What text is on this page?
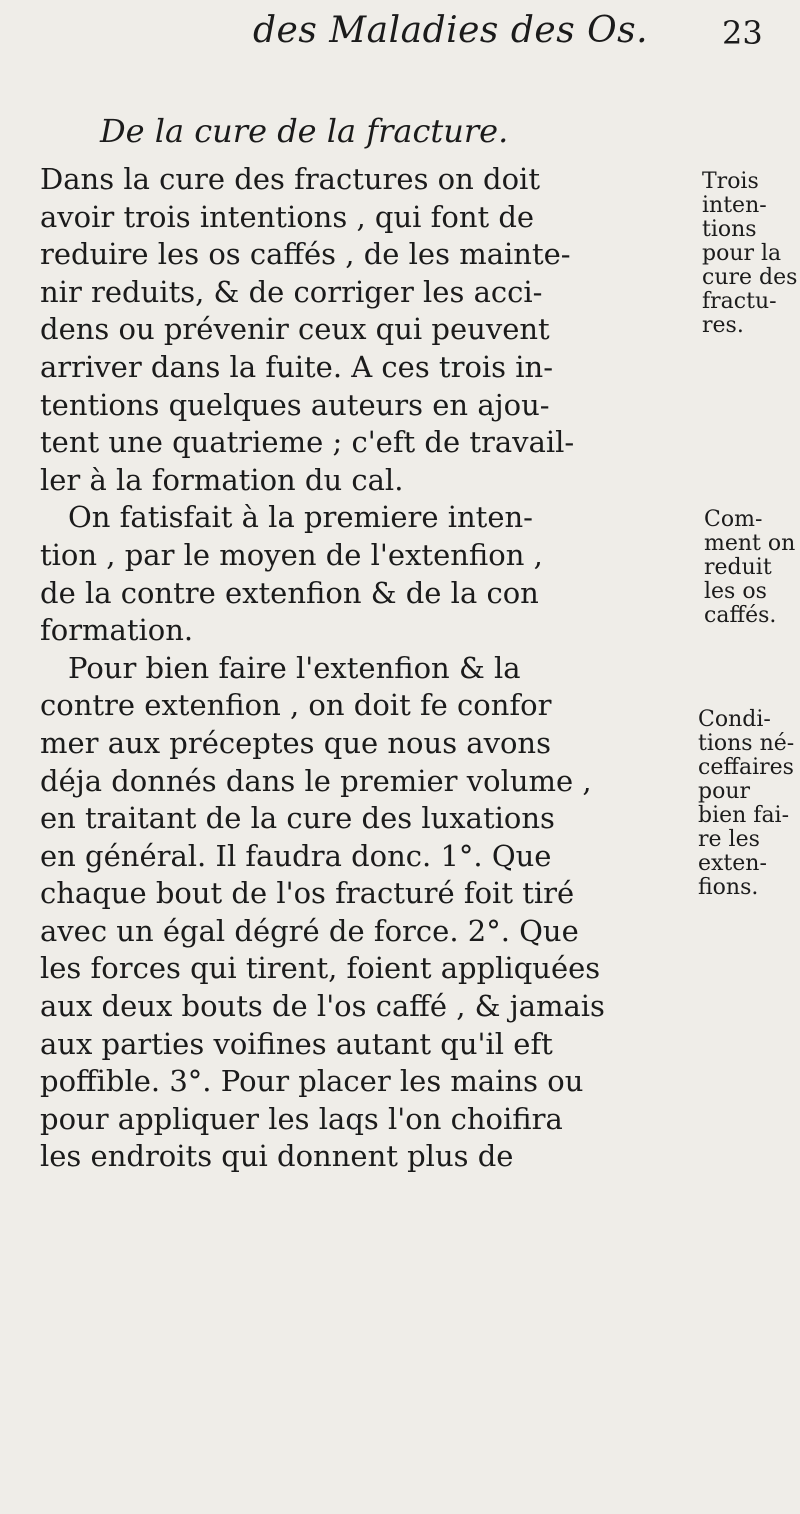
des Maladies des Os. 23
De la cure de la fracture.
Dans la cure des fractures on doit
avoir trois intentions , qui font de
reduire les os caffés , de les mainte-
nir reduits, & de corriger les acci-
dens ou prévenir ceux qui peuvent
arriver dans la fuite. A ces trois in-
tentions quelques auteurs en ajou-
tent une quatrieme ; c'eft de travail-
ler à la formation du cal.
On fatisfait à la premiere inten-
tion , par le moyen de l'extenfion ,
de la contre extenfion & de la con
formation.
Pour bien faire l'extenfion & la
contre extenfion , on doit fe confor
mer aux préceptes que nous avons
déja donnés dans le premier volume ,
en traitant de la cure des luxations
en général. Il faudra donc. 1°. Que
chaque bout de l'os fracturé foit tiré
avec un égal dégré de force. 2°. Que
les forces qui tirent, foient appliquées
aux deux bouts de l'os caffé , & jamais
aux parties voifines autant qu'il eft
poffible. 3°. Pour placer les mains ou
pour appliquer les laqs l'on choifira
les endroits qui donnent plus de
Trois
inten-
tions
pour la
cure des
fractu-
res.
Com-
ment on
reduit
les os
caffés.
Condi-
tions né-
ceffaires
pour
bien fai-
re les
exten-
fions.
